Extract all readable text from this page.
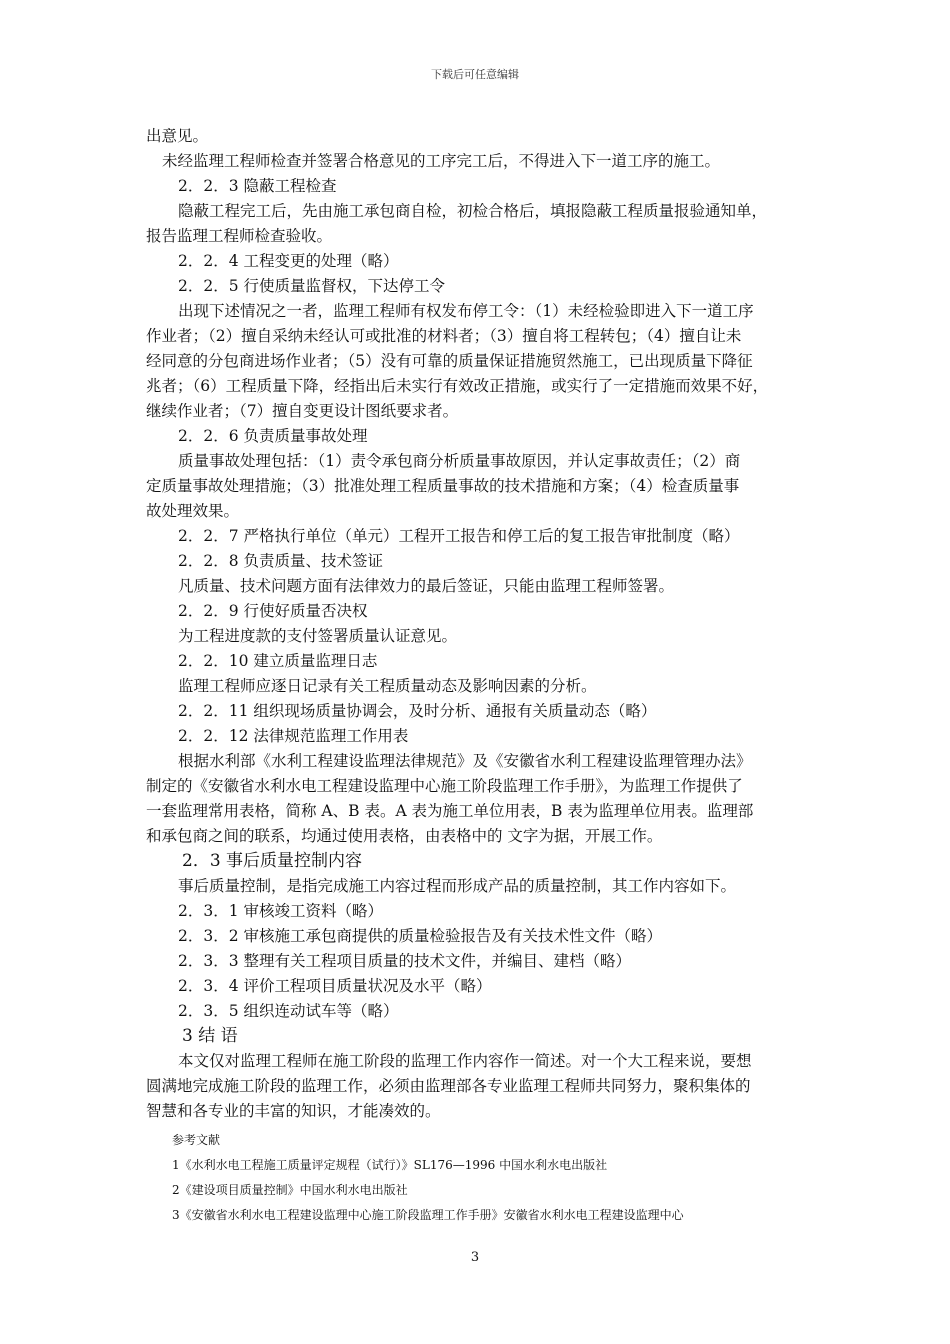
下载后可任意编辑

出意见。

未经监理工程师检查并签署合格意见的工序完工后，不得进入下一道工序的施工。

2．2．3 隐蔽工程检查

隐蔽工程完工后，先由施工承包商自检，初检合格后，填报隐蔽工程质量报验通知单，

报告监理工程师检查验收。

2．2．4 工程变更的处理（略）

2．2．5 行使质量监督权，下达停工令

出现下述情况之一者，监理工程师有权发布停工令：（1）未经检验即进入下一道工序

作业者；（2）擅自采纳未经认可或批准的材料者；（3）擅自将工程转包；（4）擅自让未

经同意的分包商进场作业者；（5）没有可靠的质量保证措施贸然施工，已出现质量下降征

兆者；（6）工程质量下降，经指出后未实行有效改正措施，或实行了一定措施而效果不好，

继续作业者；（7）擅自变更设计图纸要求者。

2．2．6 负责质量事故处理

质量事故处理包括：（1）责令承包商分析质量事故原因，并认定事故责任；（2）商

定质量事故处理措施；（3）批准处理工程质量事故的技术措施和方案；（4）检查质量事

故处理效果。

2．2．7 严格执行单位（单元）工程开工报告和停工后的复工报告审批制度（略）

2．2．8 负责质量、技术签证

凡质量、技术问题方面有法律效力的最后签证，只能由监理工程师签署。

2．2．9 行使好质量否决权

为工程进度款的支付签署质量认证意见。

2．2．10 建立质量监理日志

监理工程师应逐日记录有关工程质量动态及影响因素的分析。

2．2．11 组织现场质量协调会，及时分析、通报有关质量动态（略）

2．2．12 法律规范监理工作用表

根据水利部《水利工程建设监理法律规范》及《安徽省水利工程建设监理管理办法》

制定的《安徽省水利水电工程建设监理中心施工阶段监理工作手册》，为监理工作提供了

一套监理常用表格，简称 A、B 表。A 表为施工单位用表，B 表为监理单位用表。监理部

和承包商之间的联系，均通过使用表格，由表格中的 文字为据，开展工作。

2．3 事后质量控制内容

事后质量控制，是指完成施工内容过程而形成产品的质量控制，其工作内容如下。

2．3．1 审核竣工资料（略）

2．3．2 审核施工承包商提供的质量检验报告及有关技术性文件（略）

2．3．3 整理有关工程项目质量的技术文件，并编目、建档（略）

2．3．4 评价工程项目质量状况及水平（略）

2．3．5 组织连动试车等（略）

3 结 语

本文仅对监理工程师在施工阶段的监理工作内容作一简述。对一个大工程来说，要想

圆满地完成施工阶段的监理工作，必须由监理部各专业监理工程师共同努力，聚积集体的

智慧和各专业的丰富的知识，才能凑效的。

参考文献

1《水利水电工程施工质量评定规程（试行）》SL176—1996 中国水利水电出版社

2《建设项目质量控制》中国水利水电出版社

3《安徽省水利水电工程建设监理中心施工阶段监理工作手册》安徽省水利水电工程建设监理中心

3
